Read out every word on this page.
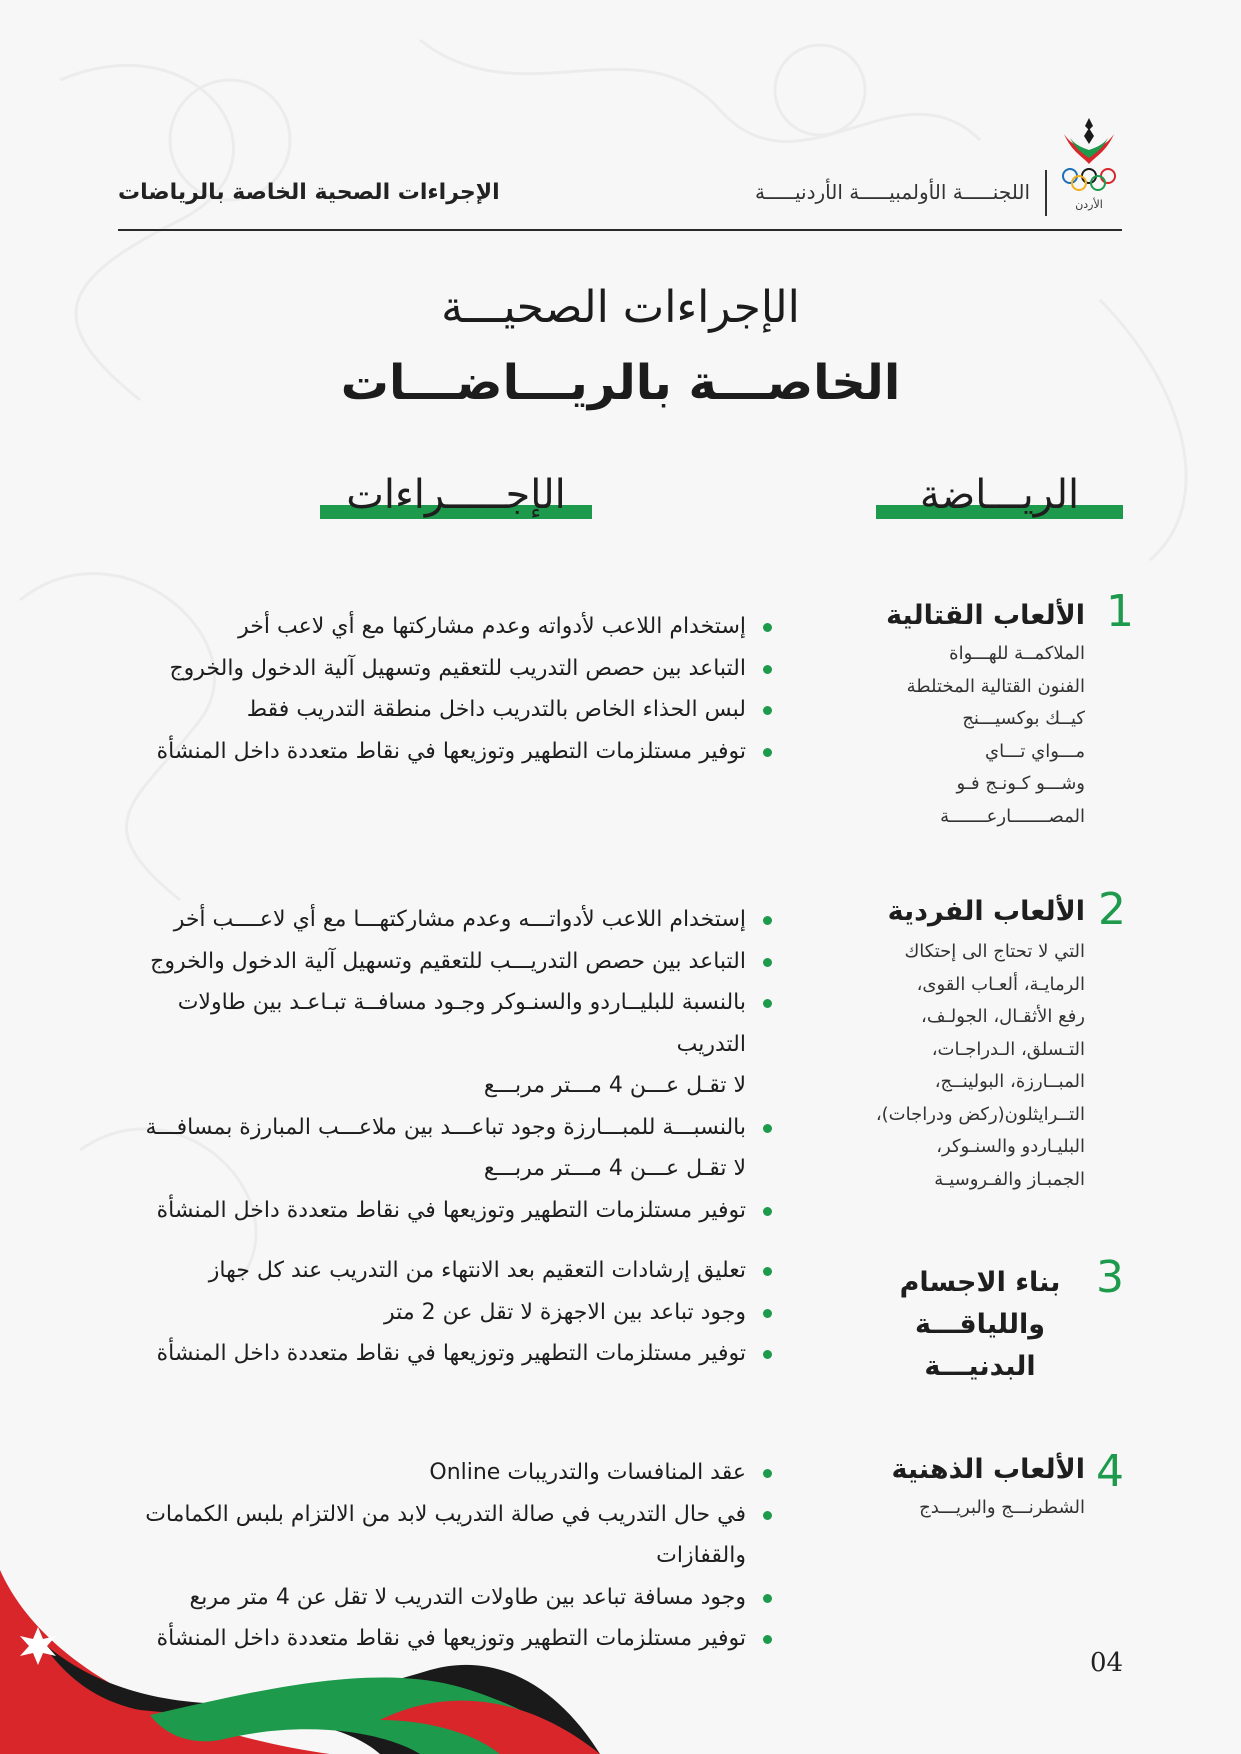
الأردن
اللجنـــــة الأولمبيـــــة الأردنيـــــة
الإجراءات الصحية الخاصة بالرياضات
الإجراءات الصحيـــة
الخاصـــة بالريـــاضـــات
الريـــاضة
الإجـــــراءات
1
الألعاب القتالية
الملاكمــة للهـــواة
الفنون القتالية المختلطة
كيــك بوكسيـــنج
مـــواي تـــاي
وشـــو كـونـج فـو
المصـــــــارعـــــــة
إستخدام اللاعب لأدواته وعدم مشاركتها مع أي لاعب أخر
التباعد بين حصص التدريب للتعقيم وتسهيل آلية الدخول والخروج
لبس الحذاء الخاص بالتدريب داخل منطقة التدريب فقط
توفير مستلزمات التطهير وتوزيعها في نقاط متعددة داخل المنشأة
2
الألعاب الفردية
التي لا تحتاج الى إحتكاك
الرمايـة، ألعـاب القوى،
رفع الأثقـال، الجولـف،
التـسلق، الـدراجـات،
المبــارزة، البولينــج،
التــرايثلون(ركض ودراجات)،
البليـاردو والسنـوكر،
الجمبـاز والفـروسيـة
إستخدام اللاعب لأدواتـــه وعدم مشاركتهـــا مع أي لاعــــب أخر
التباعد بين حصص التدريـــب للتعقيم وتسهيل آلية الدخول والخروج
بالنسبة للبليــاردو والسنـوكر وجـود مسافــة تبـاعـد بين طاولات التدريب
لا تقـل عـــن 4 مـــتر مربـــع
بالنسبـــة للمبـــارزة وجود تباعـــد بين ملاعـــب المبارزة بمسافـــة
لا تقـل عـــن 4 مـــتر مربـــع
توفير مستلزمات التطهير وتوزيعها في نقاط متعددة داخل المنشأة
3
بناء الاجسام
واللياقـــة
البدنيـــة
تعليق إرشادات التعقيم بعد الانتهاء من التدريب عند كل جهاز
وجود تباعد بين الاجهزة لا تقل عن 2 متر
توفير مستلزمات التطهير وتوزيعها في نقاط متعددة داخل المنشأة
4
الألعاب الذهنية
الشطرنـــج والبريـــدج
عقد المنافسات والتدريبات Online
في حال التدريب في صالة التدريب لابد من الالتزام بلبس الكمامات
والقفازات
وجود مسافة تباعد بين طاولات التدريب لا تقل عن 4 متر مربع
توفير مستلزمات التطهير وتوزيعها في نقاط متعددة داخل المنشأة
04
